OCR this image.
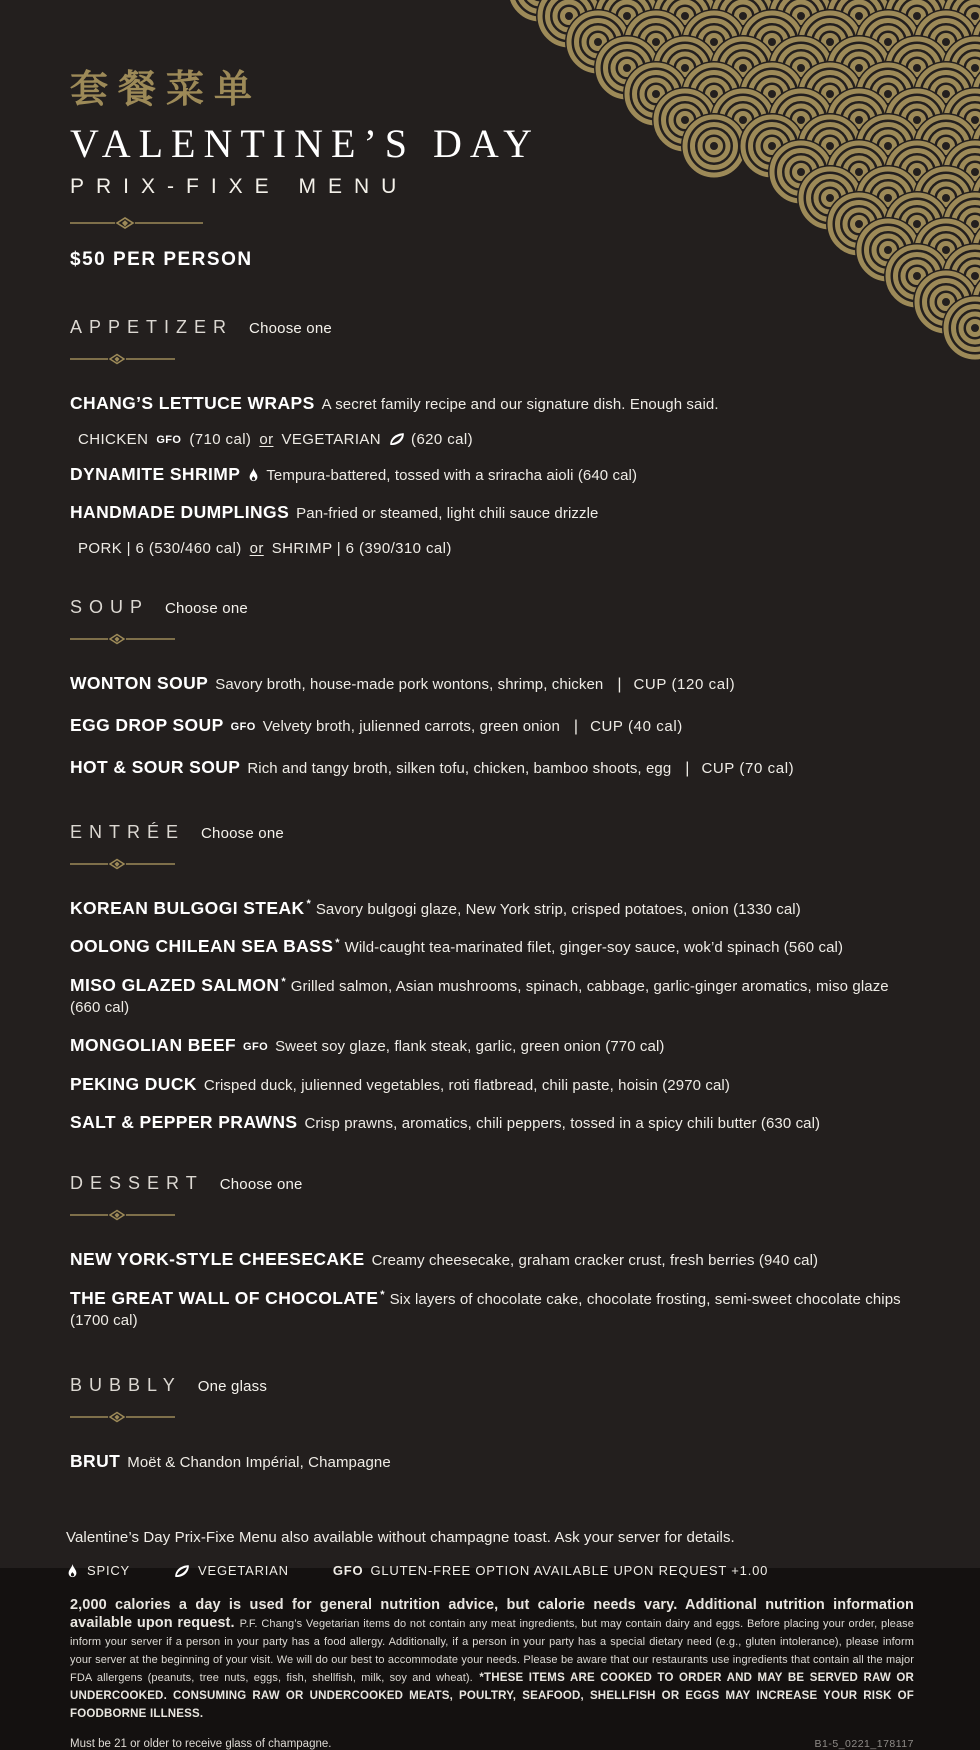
套餐菜单
VALENTINE’S DAY
PRIX-FIXE MENU
$50 PER PERSON
APPETIZER Choose one
CHANG’S LETTUCE WRAPS A secret family recipe and our signature dish. Enough said.
CHICKEN GFO (710 cal) or VEGETARIAN (620 cal)
DYNAMITE SHRIMP Tempura-battered, tossed with a sriracha aioli (640 cal)
HANDMADE DUMPLINGS Pan-fried or steamed, light chili sauce drizzle
PORK | 6 (530/460 cal) or SHRIMP | 6 (390/310 cal)
SOUP Choose one
WONTON SOUP Savory broth, house-made pork wontons, shrimp, chicken | CUP (120 cal)
EGG DROP SOUP GFO Velvety broth, julienned carrots, green onion | CUP (40 cal)
HOT & SOUR SOUP Rich and tangy broth, silken tofu, chicken, bamboo shoots, egg | CUP (70 cal)
ENTRÉE Choose one
KOREAN BULGOGI STEAK * Savory bulgogi glaze, New York strip, crisped potatoes, onion (1330 cal)
OOLONG CHILEAN SEA BASS * Wild-caught tea-marinated filet, ginger-soy sauce, wok’d spinach (560 cal)
MISO GLAZED SALMON * Grilled salmon, Asian mushrooms, spinach, cabbage, garlic-ginger aromatics, miso glaze (660 cal)
MONGOLIAN BEEF GFO Sweet soy glaze, flank steak, garlic, green onion (770 cal)
PEKING DUCK Crisped duck, julienned vegetables, roti flatbread, chili paste, hoisin (2970 cal)
SALT & PEPPER PRAWNS Crisp prawns, aromatics, chili peppers, tossed in a spicy chili butter (630 cal)
DESSERT Choose one
NEW YORK-STYLE CHEESECAKE Creamy cheesecake, graham cracker crust, fresh berries (940 cal)
THE GREAT WALL OF CHOCOLATE * Six layers of chocolate cake, chocolate frosting, semi-sweet chocolate chips (1700 cal)
BUBBLY One glass
BRUT Moët & Chandon Impérial, Champagne
Valentine’s Day Prix-Fixe Menu also available without champagne toast. Ask your server for details.
SPICY	VEGETARIAN	GFO GLUTEN-FREE OPTION AVAILABLE UPON REQUEST +1.00

2,000 calories a day is used for general nutrition advice, but calorie needs vary. Additional nutrition information available upon request. P.F. Chang’s Vegetarian items do not contain any meat ingredients, but may contain dairy and eggs. Before placing your order, please inform your server if a person in your party has a food allergy. Additionally, if a person in your party has a special dietary need (e.g., gluten intolerance), please inform your server at the beginning of your visit. We will do our best to accommodate your needs. Please be aware that our restaurants use ingredients that contain all the major FDA allergens (peanuts, tree nuts, eggs, fish, shellfish, milk, soy and wheat). *THESE ITEMS ARE COOKED TO ORDER AND MAY BE SERVED RAW OR UNDERCOOKED. CONSUMING RAW OR UNDERCOOKED MEATS, POULTRY, SEAFOOD, SHELLFISH OR EGGS MAY INCREASE YOUR RISK OF FOODBORNE ILLNESS.

Must be 21 or older to receive glass of champagne.	B1-5_0221_178117
